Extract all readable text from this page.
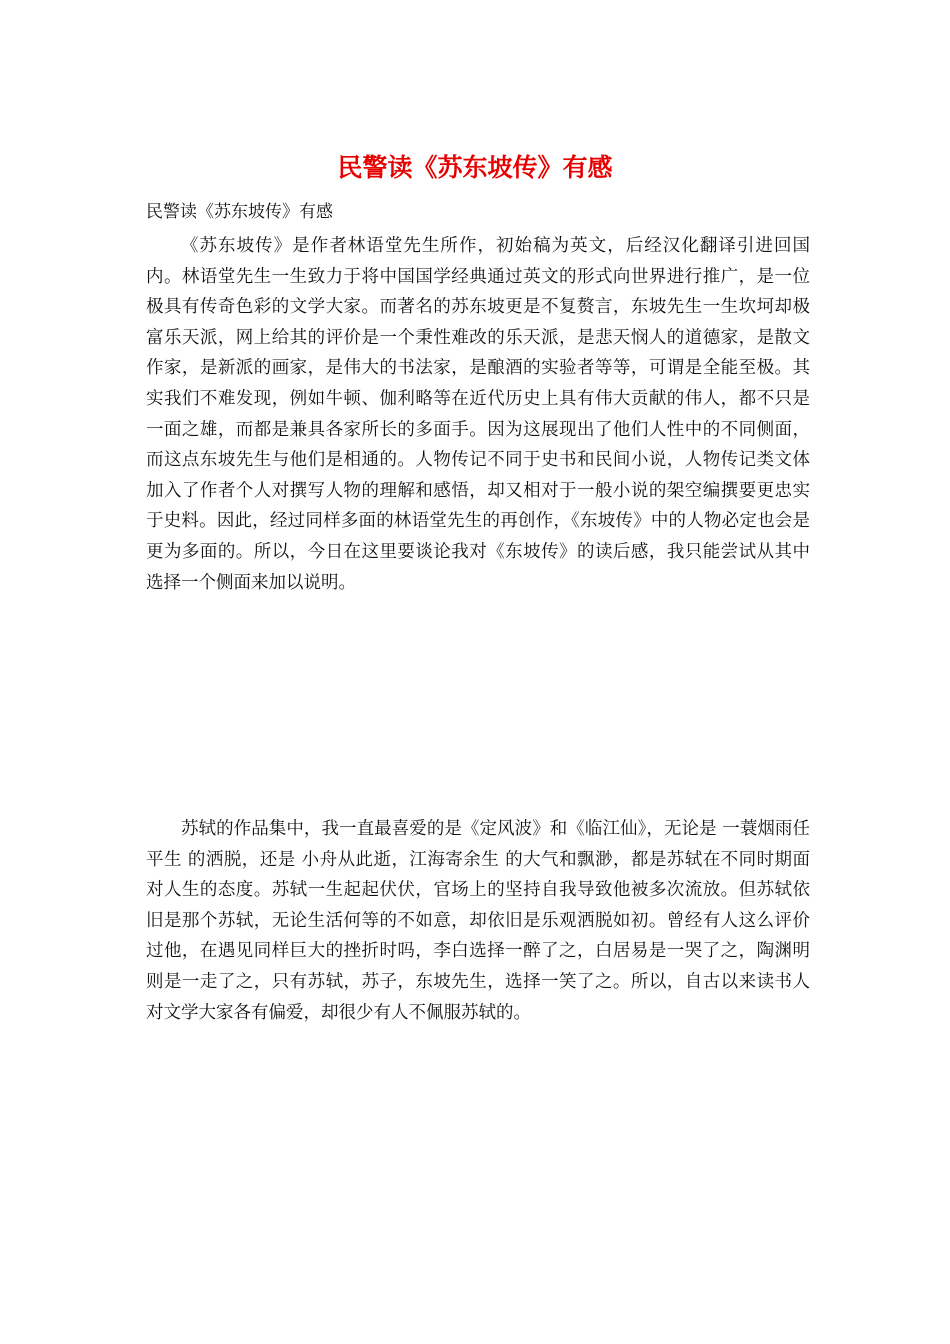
民警读《苏东坡传》有感

民警读《苏东坡传》有感

《苏东坡传》是作者林语堂先生所作，初始稿为英文，后经汉化翻译引进回国内。林语堂先生一生致力于将中国国学经典通过英文的形式向世界进行推广，是一位极具有传奇色彩的文学大家。而著名的苏东坡更是不复赘言，东坡先生一生坎坷却极富乐天派，网上给其的评价是一个秉性难改的乐天派，是悲天悯人的道德家，是散文作家，是新派的画家，是伟大的书法家，是酿酒的实验者等等，可谓是全能至极。其实我们不难发现，例如牛顿、伽利略等在近代历史上具有伟大贡献的伟人，都不只是一面之雄，而都是兼具各家所长的多面手。因为这展现出了他们人性中的不同侧面，而这点东坡先生与他们是相通的。人物传记不同于史书和民间小说，人物传记类文体加入了作者个人对撰写人物的理解和感悟，却又相对于一般小说的架空编撰要更忠实于史料。因此，经过同样多面的林语堂先生的再创作，《东坡传》中的人物必定也会是更为多面的。所以，今日在这里要谈论我对《东坡传》的读后感，我只能尝试从其中选择一个侧面来加以说明。

苏轼的作品集中，我一直最喜爱的是《定风波》和《临江仙》，无论是 一蓑烟雨任平生 的洒脱，还是 小舟从此逝，江海寄余生 的大气和飘渺，都是苏轼在不同时期面对人生的态度。苏轼一生起起伏伏，官场上的坚持自我导致他被多次流放。但苏轼依旧是那个苏轼，无论生活何等的不如意，却依旧是乐观洒脱如初。曾经有人这么评价过他，在遇见同样巨大的挫折时吗，李白选择一醉了之，白居易是一哭了之，陶渊明则是一走了之，只有苏轼，苏子，东坡先生，选择一笑了之。所以，自古以来读书人对文学大家各有偏爱，却很少有人不佩服苏轼的。
